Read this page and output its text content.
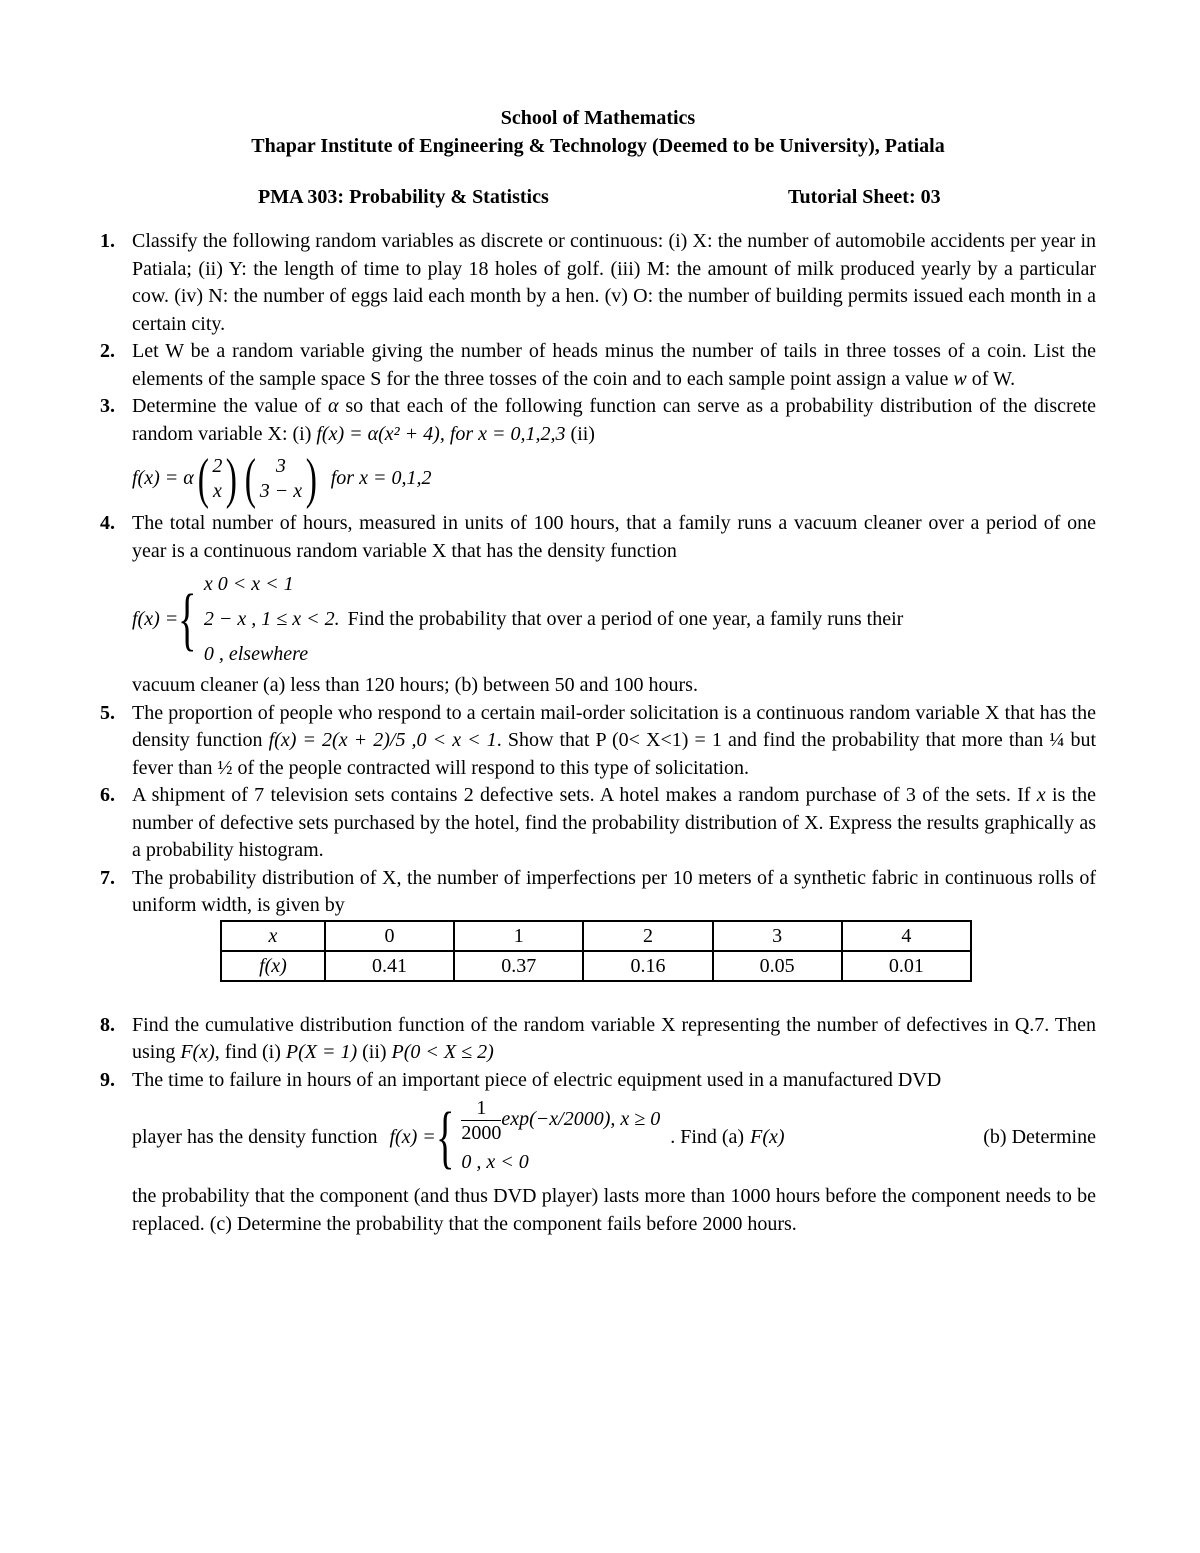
School of Mathematics
Thapar Institute of Engineering & Technology (Deemed to be University), Patiala
PMA 303: Probability & Statistics	Tutorial Sheet: 03
1. Classify the following random variables as discrete or continuous: (i) X: the number of automobile accidents per year in Patiala; (ii) Y: the length of time to play 18 holes of golf. (iii) M: the amount of milk produced yearly by a particular cow. (iv) N: the number of eggs laid each month by a hen. (v) O: the number of building permits issued each month in a certain city.
2. Let W be a random variable giving the number of heads minus the number of tails in three tosses of a coin. List the elements of the sample space S for the three tosses of the coin and to each sample point assign a value w of W.
3. Determine the value of α so that each of the following function can serve as a probability distribution of the discrete random variable X: (i) f(x) = α(x² + 4), for x = 0,1,2,3 (ii)
f(x) = α ( 2
x ) ( 3
3 − x ) for x = 0,1,2
4. The total number of hours, measured in units of 100 hours, that a family runs a vacuum cleaner over a period of one year is a continuous random variable X that has the density function
f(x) = { x 0 < x < 1
2 − x , 1 ≤ x < 2.
0 , elsewhere
Find the probability that over a period of one year, a family runs their
vacuum cleaner (a) less than 120 hours; (b) between 50 and 100 hours.
5. The proportion of people who respond to a certain mail-order solicitation is a continuous random variable X that has the density function f(x) = 2(x + 2)/5 ,0 < x < 1. Show that P (0< X<1) = 1 and find the probability that more than ¼ but fever than ½ of the people contracted will respond to this type of solicitation.
6. A shipment of 7 television sets contains 2 defective sets. A hotel makes a random purchase of 3 of the sets. If x is the number of defective sets purchased by the hotel, find the probability distribution of X. Express the results graphically as a probability histogram.
7. The probability distribution of X, the number of imperfections per 10 meters of a synthetic fabric in continuous rolls of uniform width, is given by
x	0	1	2	3	4
f(x)	0.41	0.37	0.16	0.05	0.01
8. Find the cumulative distribution function of the random variable X representing the number of defectives in Q.7. Then using F(x), find (i) P(X = 1) (ii) P(0 < X ≤ 2)
9. The time to failure in hours of an important piece of electric equipment used in a manufactured DVD
player has the density function f(x) = { $\frac{1}{2000} \exp(-x/2000)$, x ≥ 0
0 , x < 0
. Find (a) F(x)	(b) Determine
the probability that the component (and thus DVD player) lasts more than 1000 hours before the component needs to be replaced. (c) Determine the probability that the component fails before 2000 hours.
